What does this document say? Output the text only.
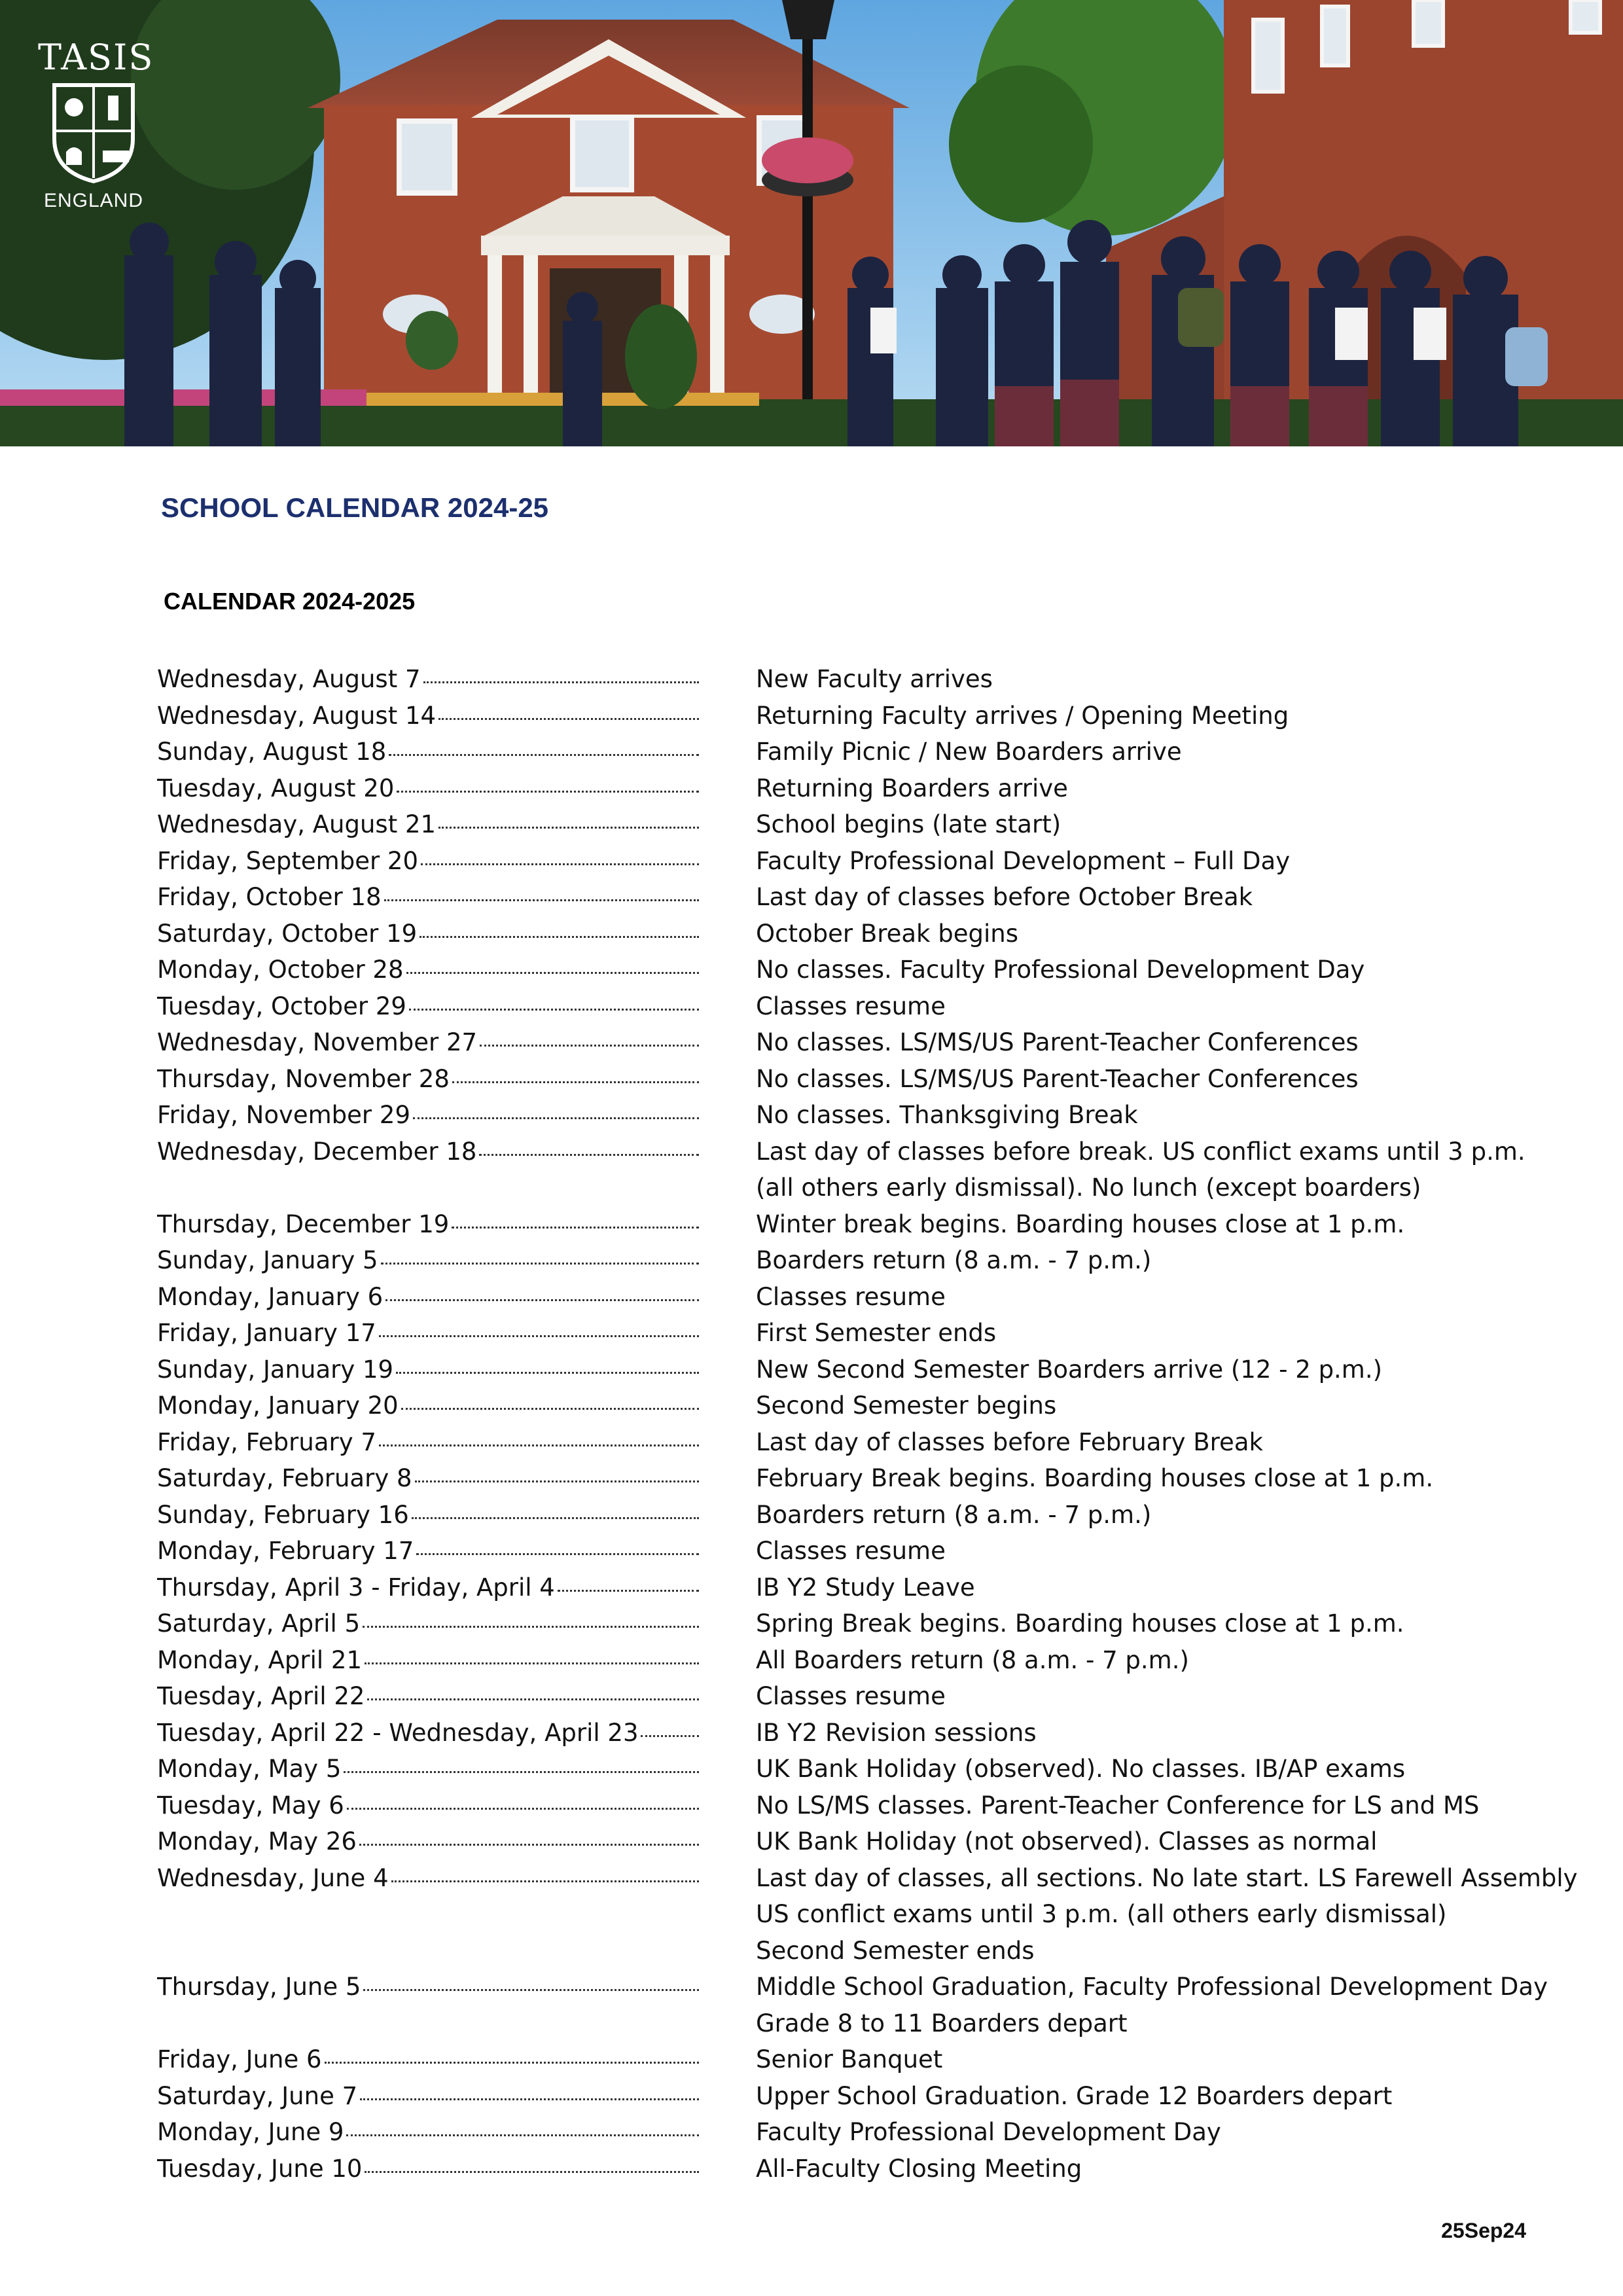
TASIS
ENGLAND
SCHOOL CALENDAR 2024-25
CALENDAR 2024-2025
Wednesday, August 7	New Faculty arrives
Wednesday, August 14	Returning Faculty arrives / Opening Meeting
Sunday, August 18	Family Picnic / New Boarders arrive
Tuesday, August 20	Returning Boarders arrive
Wednesday, August 21	School begins (late start)
Friday, September 20	Faculty Professional Development – Full Day
Friday, October 18	Last day of classes before October Break
Saturday, October 19	October Break begins
Monday, October 28	No classes. Faculty Professional Development Day
Tuesday, October 29	Classes resume
Wednesday, November 27	No classes. LS/MS/US Parent-Teacher Conferences
Thursday, November 28	No classes. LS/MS/US Parent-Teacher Conferences
Friday, November 29	No classes. Thanksgiving Break
Wednesday, December 18	Last day of classes before break. US conflict exams until 3 p.m.
(all others early dismissal). No lunch (except boarders)
Thursday, December 19	Winter break begins. Boarding houses close at 1 p.m.
Sunday, January 5	Boarders return (8 a.m. - 7 p.m.)
Monday, January 6	Classes resume
Friday, January 17	First Semester ends
Sunday, January 19	New Second Semester Boarders arrive (12 - 2 p.m.)
Monday, January 20	Second Semester begins
Friday, February 7	Last day of classes before February Break
Saturday, February 8	February Break begins. Boarding houses close at 1 p.m.
Sunday, February 16	Boarders return (8 a.m. - 7 p.m.)
Monday, February 17	Classes resume
Thursday, April 3 - Friday, April 4	IB Y2 Study Leave
Saturday, April 5	Spring Break begins. Boarding houses close at 1 p.m.
Monday, April 21	All Boarders return (8 a.m. - 7 p.m.)
Tuesday, April 22	Classes resume
Tuesday, April 22 - Wednesday, April 23	IB Y2 Revision sessions
Monday, May 5	UK Bank Holiday (observed). No classes. IB/AP exams
Tuesday, May 6	No LS/MS classes. Parent-Teacher Conference for LS and MS
Monday, May 26	UK Bank Holiday (not observed). Classes as normal
Wednesday, June 4	Last day of classes, all sections. No late start. LS Farewell Assembly
US conflict exams until 3 p.m. (all others early dismissal)
Second Semester ends
Thursday, June 5	Middle School Graduation, Faculty Professional Development Day
Grade 8 to 11 Boarders depart
Friday, June 6	Senior Banquet
Saturday, June 7	Upper School Graduation. Grade 12 Boarders depart
Monday, June 9	Faculty Professional Development Day
Tuesday, June 10	All-Faculty Closing Meeting
25Sep24
